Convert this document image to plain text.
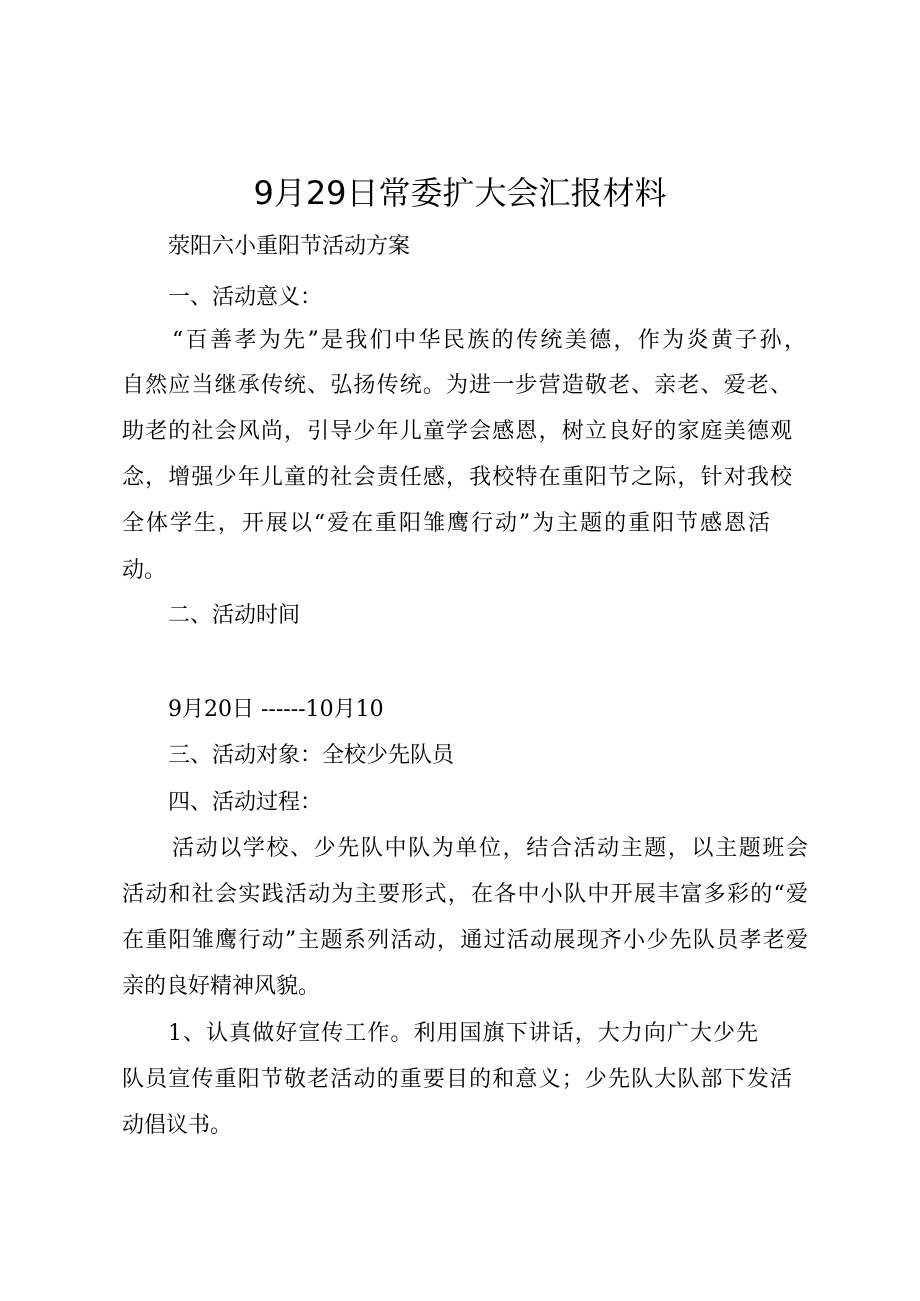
9月29日常委扩大会汇报材料
荥阳六小重阳节活动方案
一、活动意义：
“百善孝为先”是我们中华民族的传统美德，作为炎黄子孙，
自然应当继承传统、弘扬传统。为进一步营造敬老、亲老、爱老、
助老的社会风尚，引导少年儿童学会感恩，树立良好的家庭美德观
念，增强少年儿童的社会责任感，我校特在重阳节之际，针对我校
全体学生，开展以“爱在重阳雏鹰行动”为主题的重阳节感恩活
动。
二、活动时间
9月20日 ------10月10
三、活动对象：全校少先队员
四、活动过程：
活动以学校、少先队中队为单位，结合活动主题，以主题班会
活动和社会实践活动为主要形式，在各中小队中开展丰富多彩的“爱
在重阳雏鹰行动”主题系列活动，通过活动展现齐小少先队员孝老爱
亲的良好精神风貌。
1、认真做好宣传工作。利用国旗下讲话，大力向广大少先
队员宣传重阳节敬老活动的重要目的和意义；少先队大队部下发活
动倡议书。
